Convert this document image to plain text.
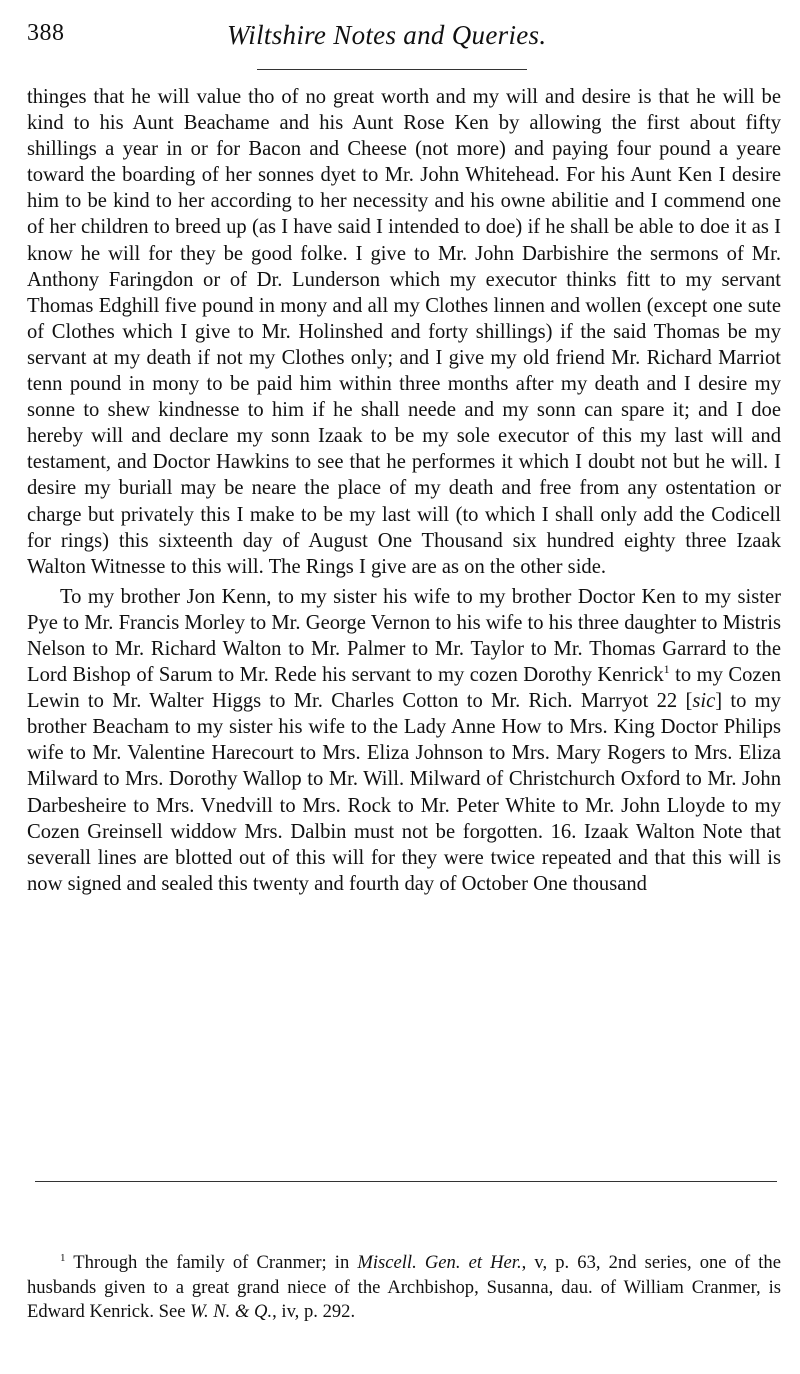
388	Wiltshire Notes and Queries.

thinges that he will value tho of no great worth and my will and desire is that he will be kind to his Aunt Beachame and his Aunt Rose Ken by allowing the first about fifty shillings a year in or for Bacon and Cheese (not more) and paying four pound a yeare toward the boarding of her sonnes dyet to Mr. John Whitehead. For his Aunt Ken I desire him to be kind to her according to her necessity and his owne abilitie and I commend one of her children to breed up (as I have said I intended to doe) if he shall be able to doe it as I know he will for they be good folke. I give to Mr. John Darbishire the sermons of Mr. Anthony Faringdon or of Dr. Lunderson which my executor thinks fitt to my servant Thomas Edghill five pound in mony and all my Clothes linnen and wollen (except one sute of Clothes which I give to Mr. Holinshed and forty shillings) if the said Thomas be my servant at my death if not my Clothes only; and I give my old friend Mr. Richard Marriot tenn pound in mony to be paid him within three months after my death and I desire my sonne to shew kindnesse to him if he shall neede and my sonn can spare it; and I doe hereby will and declare my sonn Izaak to be my sole executor of this my last will and testament, and Doctor Hawkins to see that he performes it which I doubt not but he will. I desire my buriall may be neare the place of my death and free from any ostentation or charge but privately this I make to be my last will (to which I shall only add the Codicell for rings) this sixteenth day of August One Thousand six hundred eighty three Izaak Walton Witnesse to this will. The Rings I give are as on the other side.

To my brother Jon Kenn, to my sister his wife to my brother Doctor Ken to my sister Pye to Mr. Francis Morley to Mr. George Vernon to his wife to his three daughter to Mistris Nelson to Mr. Richard Walton to Mr. Palmer to Mr. Taylor to Mr. Thomas Garrard to the Lord Bishop of Sarum to Mr. Rede his servant to my cozen Dorothy Kenrick$^1$ to my Cozen Lewin to Mr. Walter Higgs to Mr. Charles Cotton to Mr. Rich. Marryot 22 [sic] to my brother Beacham to my sister his wife to the Lady Anne How to Mrs. King Doctor Philips wife to Mr. Valentine Harecourt to Mrs. Eliza Johnson to Mrs. Mary Rogers to Mrs. Eliza Milward to Mrs. Dorothy Wallop to Mr. Will. Milward of Christchurch Oxford to Mr. John Darbesheire to Mrs. Vnedvill to Mrs. Rock to Mr. Peter White to Mr. John Lloyde to my Cozen Greinsell widdow Mrs. Dalbin must not be forgotten. 16. Izaak Walton Note that severall lines are blotted out of this will for they were twice repeated and that this will is now signed and sealed this twenty and fourth day of October One thousand

$^1$ Through the family of Cranmer; in Miscell. Gen. et Her., v, p. 63, 2nd series, one of the husbands given to a great grand niece of the Archbishop, Susanna, dau. of William Cranmer, is Edward Kenrick. See W. N. & Q., iv, p. 292.
